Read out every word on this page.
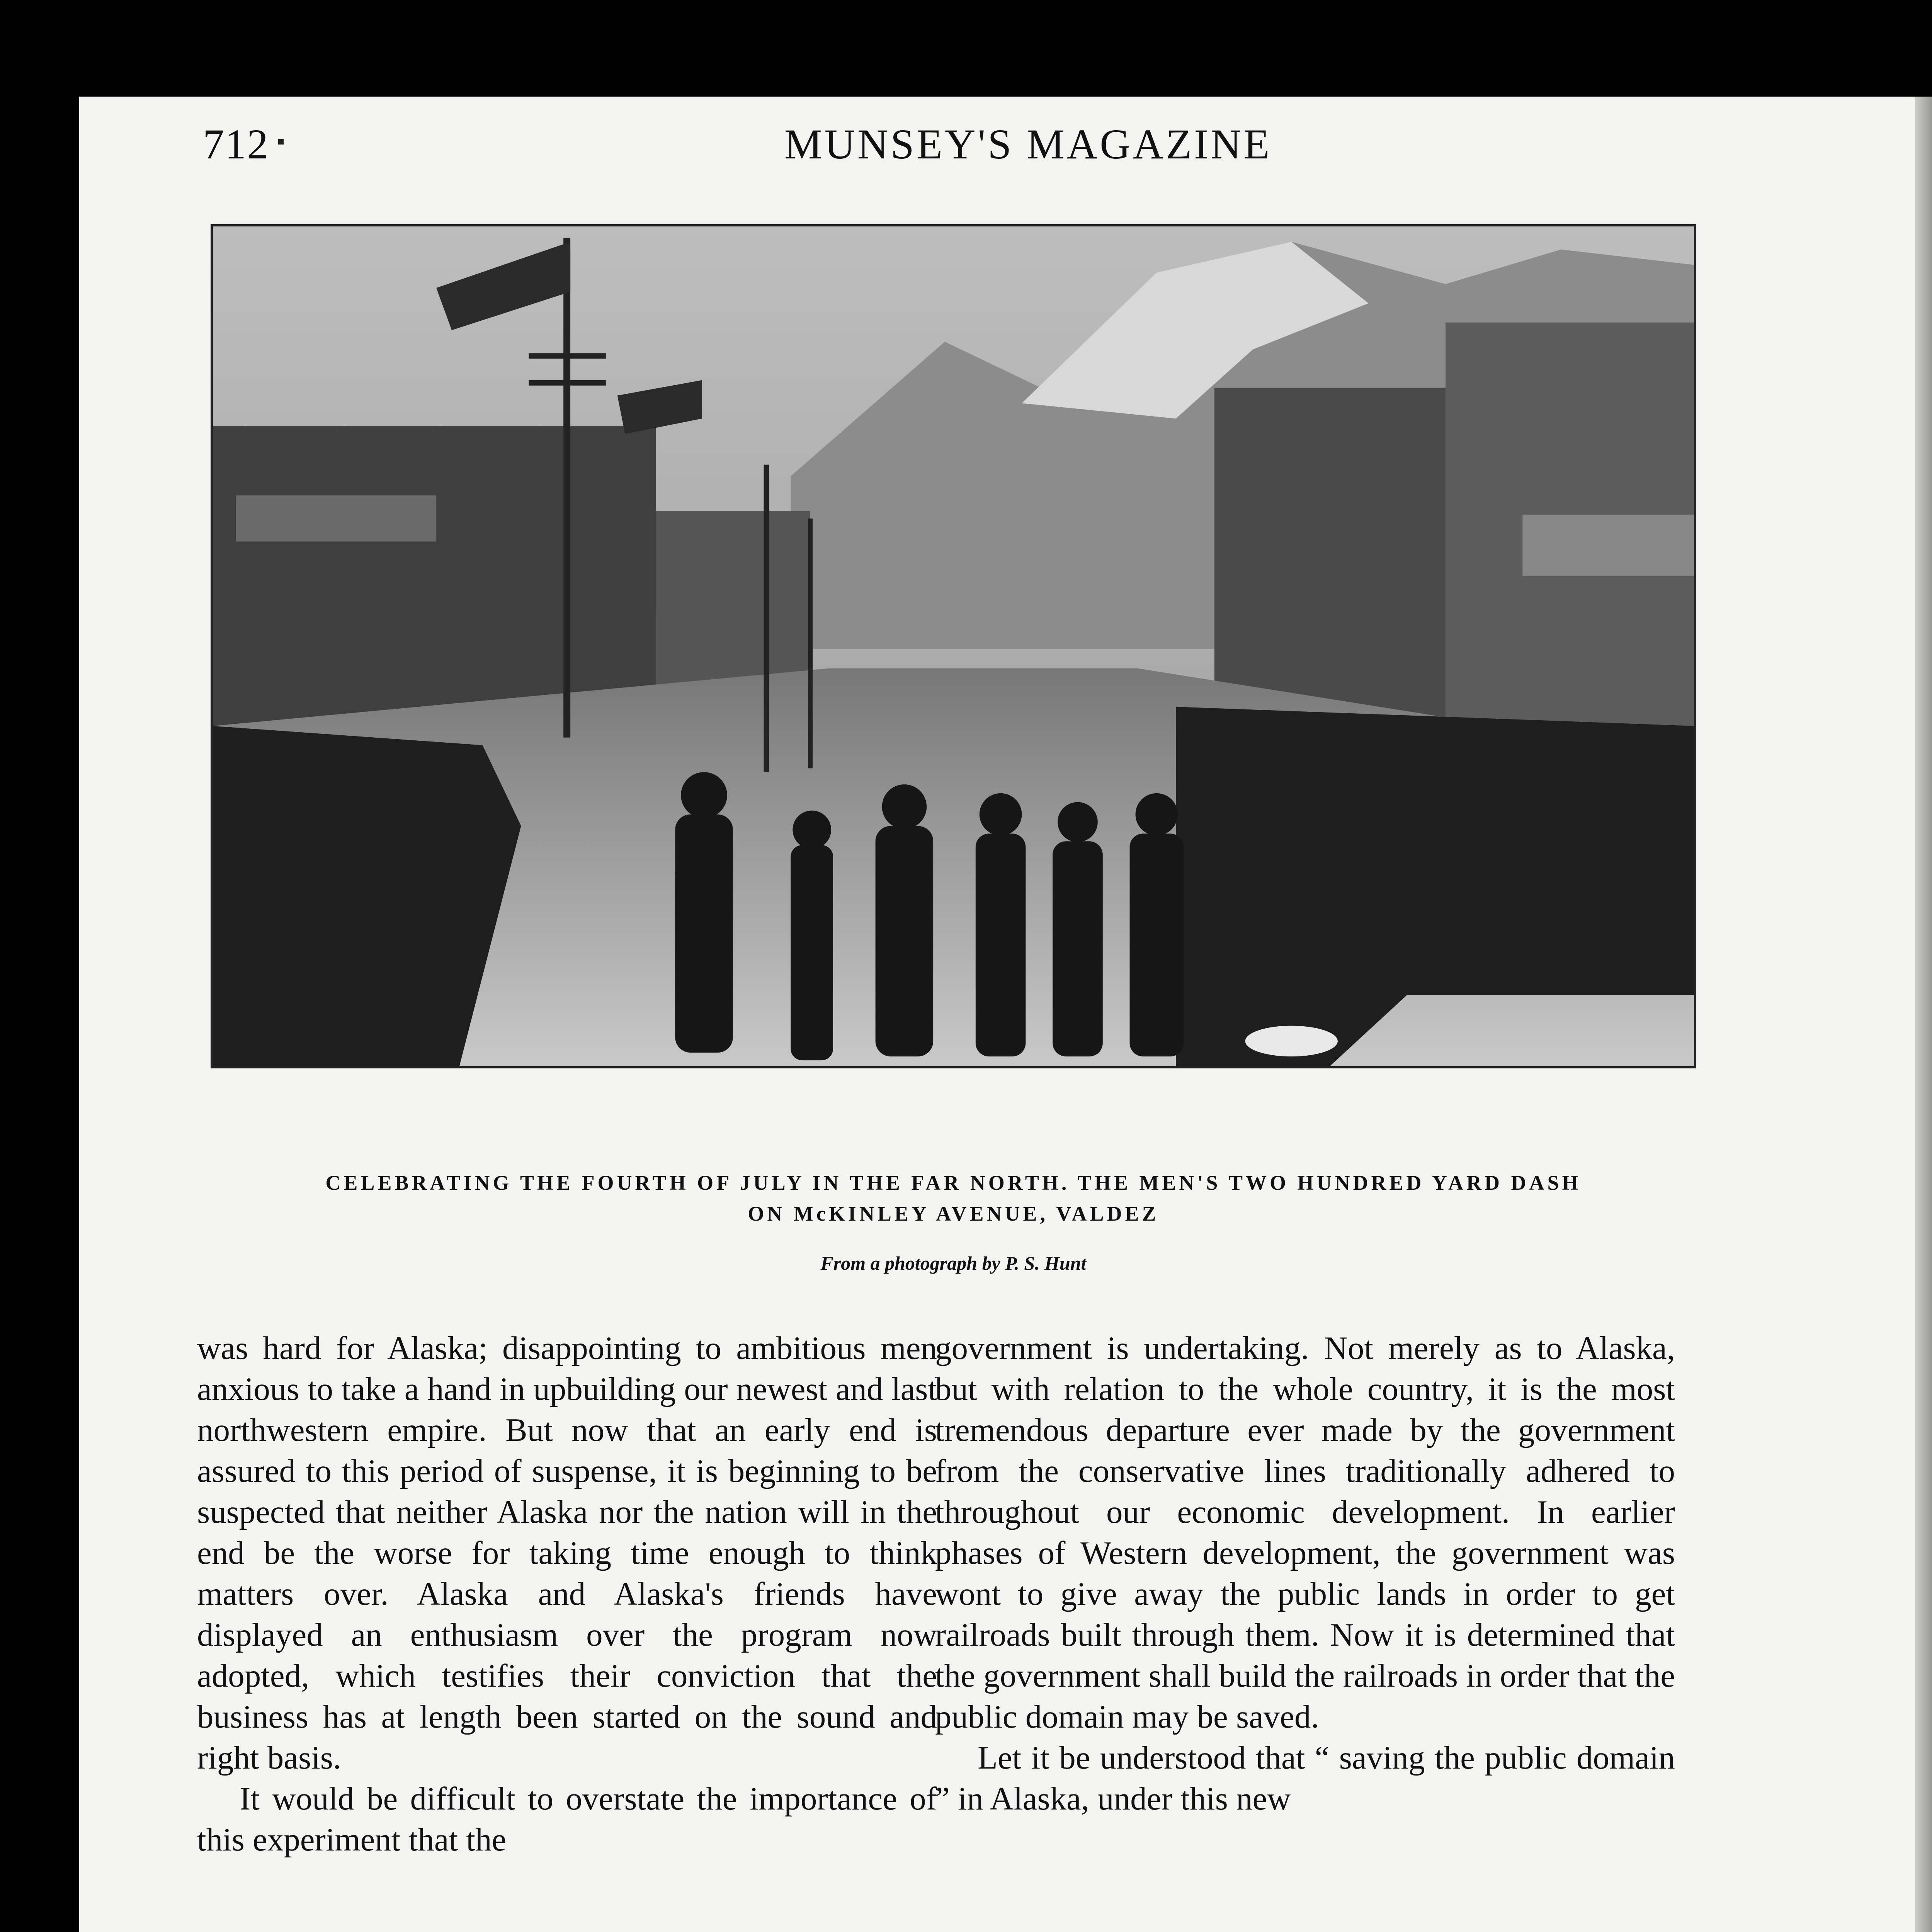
712	MUNSEY'S MAGAZINE
CELEBRATING THE FOURTH OF JULY IN THE FAR NORTH. THE MEN'S TWO HUNDRED YARD DASH
ON McKINLEY AVENUE, VALDEZ
From a photograph by P. S. Hunt

was hard for Alaska; disappointing to ambitious men anxious to take a hand in upbuilding our newest and last northwestern empire. But now that an early end is assured to this period of suspense, it is beginning to be suspected that neither Alaska nor the nation will in the end be the worse for taking time enough to think matters over. Alaska and Alaska's friends have displayed an enthusiasm over the program now adopted, which testifies their conviction that the business has at length been started on the sound and right basis.

It would be difficult to overstate the importance of this experiment that the

government is undertaking. Not merely as to Alaska, but with relation to the whole country, it is the most tremendous departure ever made by the government from the conservative lines traditionally adhered to throughout our economic development. In earlier phases of Western development, the government was wont to give away the public lands in order to get railroads built through them. Now it is determined that the government shall build the railroads in order that the public domain may be saved.

Let it be understood that “ saving the public domain ” in Alaska, under this new
